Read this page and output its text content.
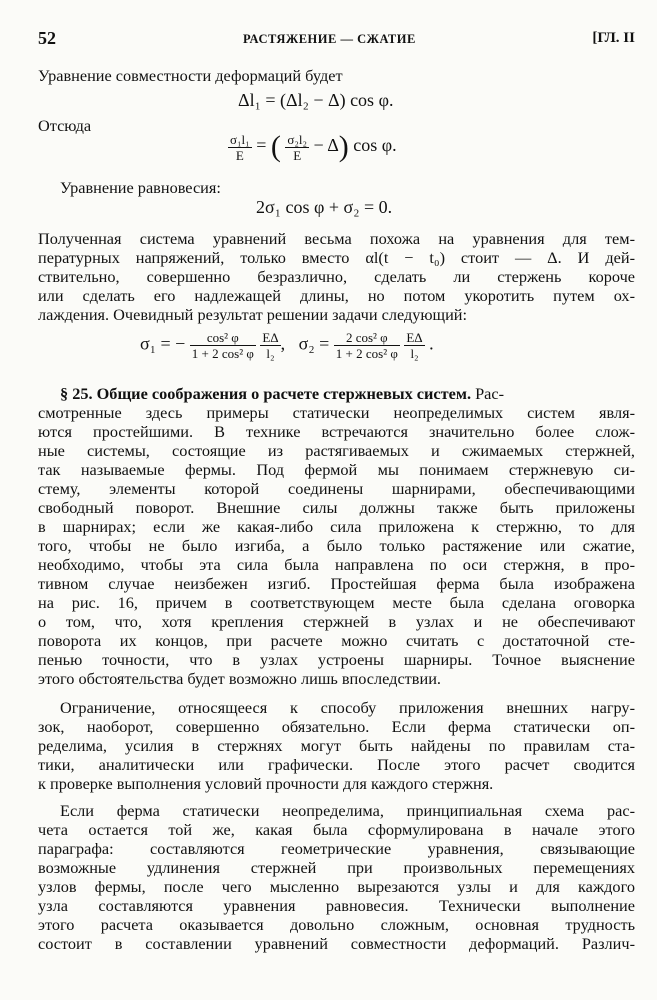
52	РАСТЯЖЕНИЕ — СЖАТИЕ	[ГЛ. II
Уравнение совместности деформаций будет
Δl₁ = (Δl₂ − Δ) cos φ.
Отсюда
$\frac{\text{σ₁l₁}}{E}$ = ( $\frac{\text{σ₂l₂}}{E} - \Delta$) cos φ.
Уравнение равновесия:
2σ₁ cos φ + σ₂ = 0.
Полученная система уравнений весьма похожа на уравнения для тем-
пературных напряжений, только вместо αl(t − t₀) стоит — Δ. И дей-
ствительно, совершенно безразлично, сделать ли стержень короче
или сделать его надлежащей длины, но потом укоротить путем ох-
лаждения. Очевидный результат решении задачи следующий:
σ₁ = − $\frac{\text{cos² φ}}{\text{1 + 2 cos² φ}}$
$\frac{E\Delta}{\text{l₂}}$ ,   $\sigma_2 = \frac{\text{2 cos² φ}}{\text{1 + 2 cos² φ}}$
$\frac{E\Delta}{\text{l₂}}$ .
§ 25. Общие соображения о расчете стержневых систем. Рас-
смотренные здесь примеры статически неопределимых систем явля-
ются простейшими. В технике встречаются значительно более слож-
ные системы, состоящие из растягиваемых и сжимаемых стержней,
так называемые фермы. Под фермой мы понимаем стержневую си-
стему, элементы которой соединены шарнирами, обеспечивающими
свободный поворот. Внешние силы должны также быть приложены
в шарнирах; если же какая-либо сила приложена к стержню, то для
того, чтобы не было изгиба, а было только растяжение или сжатие,
необходимо, чтобы эта сила была направлена по оси стержня, в про-
тивном случае неизбежен изгиб. Простейшая ферма была изображена
на рис. 16, причем в соответствующем месте была сделана оговорка
о том, что, хотя крепления стержней в узлах и не обеспечивают
поворота их концов, при расчете можно считать с достаточной сте-
пенью точности, что в узлах устроены шарниры. Точное выяснение
этого обстоятельства будет возможно лишь впоследствии.
Ограничение, относящееся к способу приложения внешних нагру-
зок, наоборот, совершенно обязательно. Если ферма статически оп-
ределима, усилия в стержнях могут быть найдены по правилам ста-
тики, аналитически или графически. После этого расчет сводится
к проверке выполнения условий прочности для каждого стержня.
Если ферма статически неопределима, принципиальная схема рас-
чета остается той же, какая была сформулирована в начале этого
параграфа: составляются геометрические уравнения, связывающие
возможные удлинения стержней при произвольных перемещениях
узлов фермы, после чего мысленно вырезаются узлы и для каждого
узла составляются уравнения равновесия. Технически выполнение
этого расчета оказывается довольно сложным, основная трудность
состоит в составлении уравнений совместности деформаций. Различ-
